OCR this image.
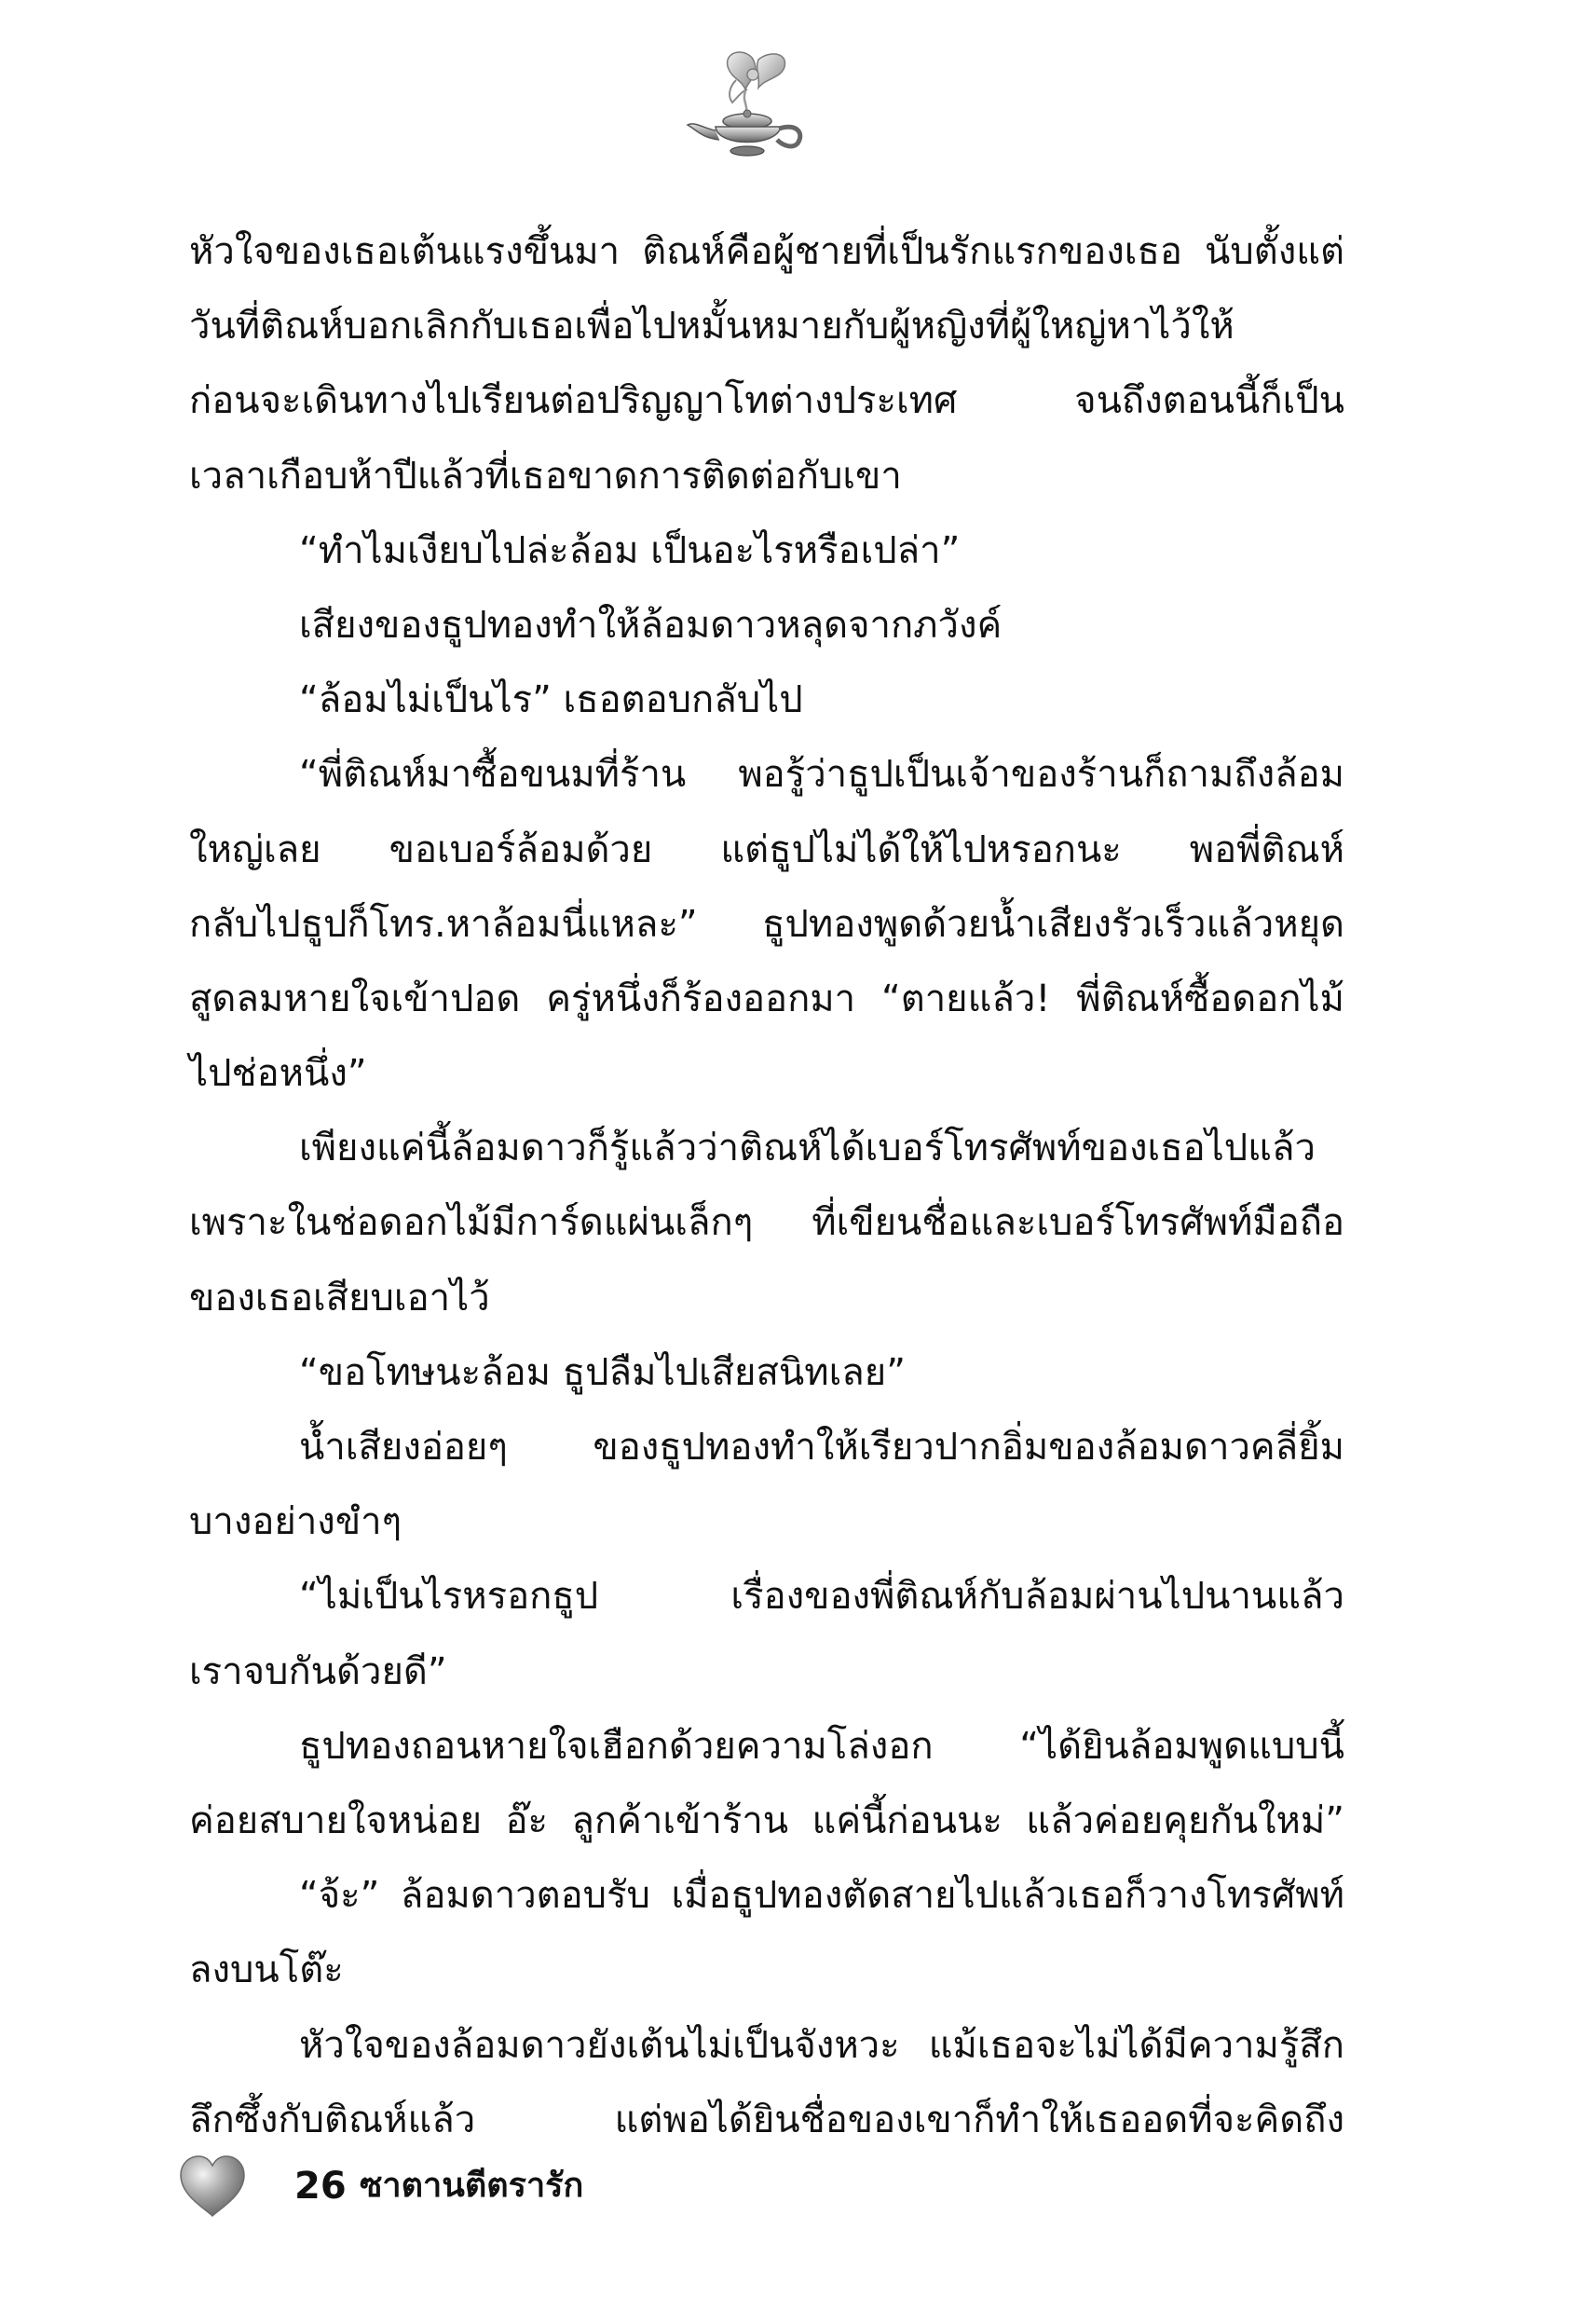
หัวใจของเธอเต้นแรงขึ้นมา ติณห์คือผู้ชายที่เป็นรักแรกของเธอ นับตั้งแต่
วันที่ติณห์บอกเลิกกับเธอเพื่อไปหมั้นหมายกับผู้หญิงที่ผู้ใหญ่หาไว้ให้
ก่อนจะเดินทางไปเรียนต่อปริญญาโทต่างประเทศ จนถึงตอนนี้ก็เป็น
เวลาเกือบห้าปีแล้วที่เธอขาดการติดต่อกับเขา
“ทำไมเงียบไปล่ะล้อม เป็นอะไรหรือเปล่า”
เสียงของธูปทองทำให้ล้อมดาวหลุดจากภวังค์
“ล้อมไม่เป็นไร” เธอตอบกลับไป
“พี่ติณห์มาซื้อขนมที่ร้าน พอรู้ว่าธูปเป็นเจ้าของร้านก็ถามถึงล้อม
ใหญ่เลย ขอเบอร์ล้อมด้วย แต่ธูปไม่ได้ให้ไปหรอกนะ พอพี่ติณห์
กลับไปธูปก็โทร.หาล้อมนี่แหละ” ธูปทองพูดด้วยน้ำเสียงรัวเร็วแล้วหยุด
สูดลมหายใจเข้าปอด ครู่หนึ่งก็ร้องออกมา “ตายแล้ว! พี่ติณห์ซื้อดอกไม้
ไปช่อหนึ่ง”
เพียงแค่นี้ล้อมดาวก็รู้แล้วว่าติณห์ได้เบอร์โทรศัพท์ของเธอไปแล้ว
เพราะในช่อดอกไม้มีการ์ดแผ่นเล็กๆ ที่เขียนชื่อและเบอร์โทรศัพท์มือถือ
ของเธอเสียบเอาไว้
“ขอโทษนะล้อม ธูปลืมไปเสียสนิทเลย”
น้ำเสียงอ่อยๆ ของธูปทองทำให้เรียวปากอิ่มของล้อมดาวคลี่ยิ้ม
บางอย่างขำๆ
“ไม่เป็นไรหรอกธูป เรื่องของพี่ติณห์กับล้อมผ่านไปนานแล้ว
เราจบกันด้วยดี”
ธูปทองถอนหายใจเฮือกด้วยความโล่งอก “ได้ยินล้อมพูดแบบนี้
ค่อยสบายใจหน่อย อ๊ะ ลูกค้าเข้าร้าน แค่นี้ก่อนนะ แล้วค่อยคุยกันใหม่”
“จ้ะ” ล้อมดาวตอบรับ เมื่อธูปทองตัดสายไปแล้วเธอก็วางโทรศัพท์
ลงบนโต๊ะ
หัวใจของล้อมดาวยังเต้นไม่เป็นจังหวะ แม้เธอจะไม่ได้มีความรู้สึก
ลึกซึ้งกับติณห์แล้ว แต่พอได้ยินชื่อของเขาก็ทำให้เธออดที่จะคิดถึง
26 ซาตานตีตรารัก
